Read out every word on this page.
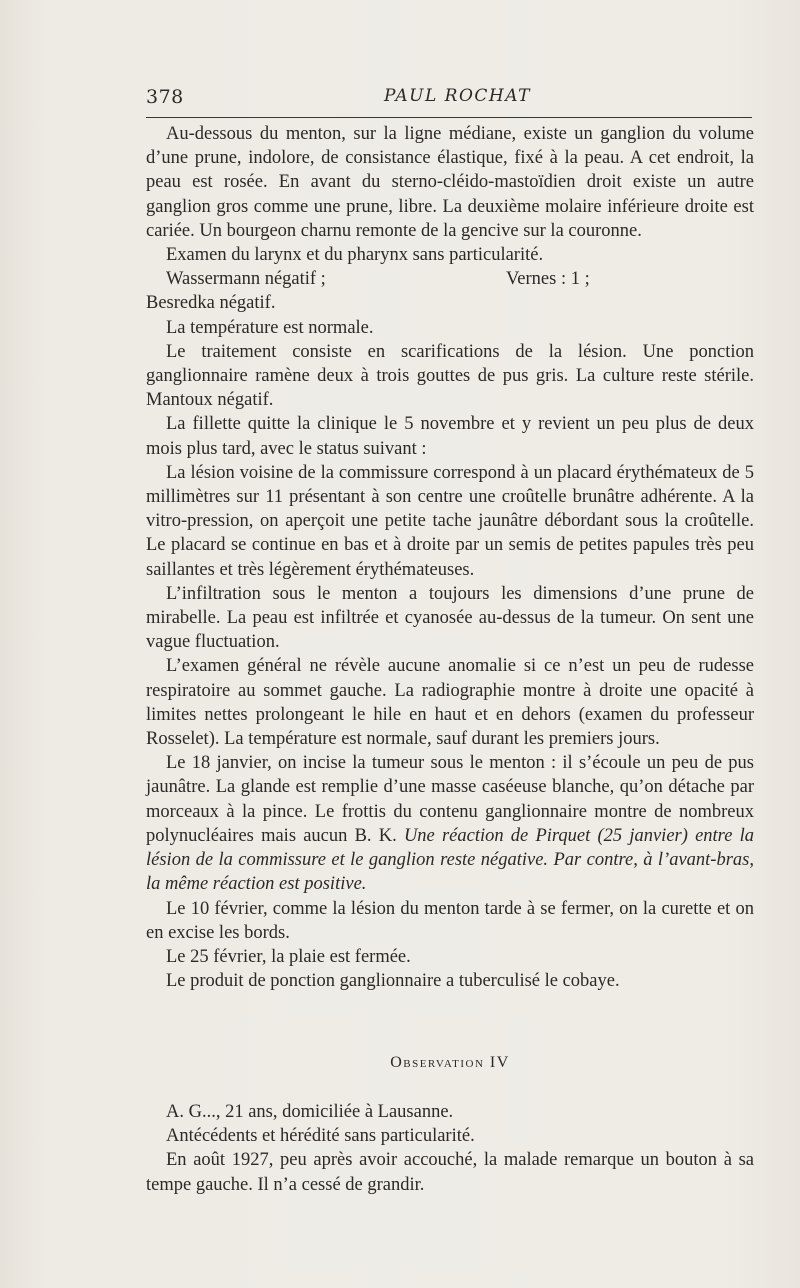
378	PAUL ROCHAT

Au-dessous du menton, sur la ligne médiane, existe un ganglion du volume d’une prune, indolore, de consistance élastique, fixé à la peau. A cet endroit, la peau est rosée. En avant du sterno-cléido-mastoïdien droit existe un autre ganglion gros comme une prune, libre. La deuxième molaire inférieure droite est cariée. Un bourgeon charnu remonte de la gencive sur la couronne.

Examen du larynx et du pharynx sans particularité.

Wassermann négatif ;	Vernes : 1 ;

Besredka négatif.

La température est normale.

Le traitement consiste en scarifications de la lésion. Une ponction ganglionnaire ramène deux à trois gouttes de pus gris. La culture reste stérile. Mantoux négatif.

La fillette quitte la clinique le 5 novembre et y revient un peu plus de deux mois plus tard, avec le status suivant :

La lésion voisine de la commissure correspond à un placard érythémateux de 5 millimètres sur 11 présentant à son centre une croûtelle brunâtre adhérente. A la vitro-pression, on aperçoit une petite tache jaunâtre débordant sous la croûtelle. Le placard se continue en bas et à droite par un semis de petites papules très peu saillantes et très légèrement érythémateuses.

L’infiltration sous le menton a toujours les dimensions d’une prune de mirabelle. La peau est infiltrée et cyanosée au-dessus de la tumeur. On sent une vague fluctuation.

L’examen général ne révèle aucune anomalie si ce n’est un peu de rudesse respiratoire au sommet gauche. La radiographie montre à droite une opacité à limites nettes prolongeant le hile en haut et en dehors (examen du professeur Rosselet). La température est normale, sauf durant les premiers jours.

Le 18 janvier, on incise la tumeur sous le menton : il s’écoule un peu de pus jaunâtre. La glande est remplie d’une masse caséeuse blanche, qu’on détache par morceaux à la pince. Le frottis du contenu ganglionnaire montre de nombreux polynucléaires mais aucun B. K. Une réaction de Pirquet (25 janvier) entre la lésion de la commissure et le ganglion reste négative. Par contre, à l’avant-bras, la même réaction est positive.

Le 10 février, comme la lésion du menton tarde à se fermer, on la curette et on en excise les bords.

Le 25 février, la plaie est fermée.

Le produit de ponction ganglionnaire a tuberculisé le cobaye.

Observation IV

A. G..., 21 ans, domiciliée à Lausanne.

Antécédents et hérédité sans particularité.

En août 1927, peu après avoir accouché, la malade remarque un bouton à sa tempe gauche. Il n’a cessé de grandir.
